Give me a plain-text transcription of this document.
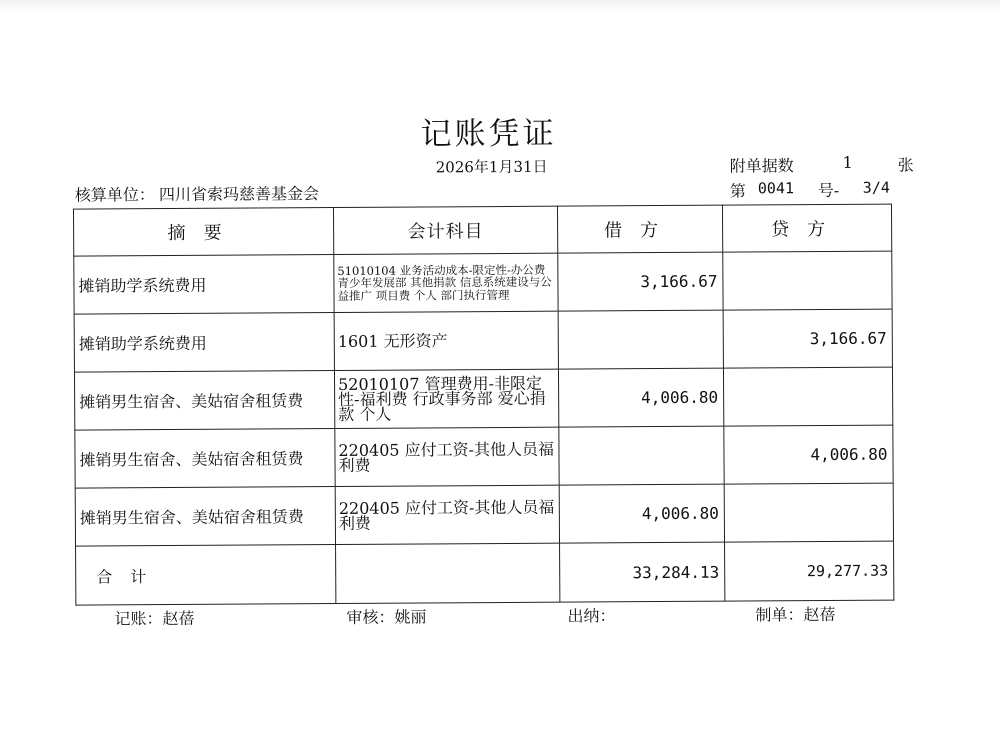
记账凭证
2026年1月31日	附单据数	1	张
核算单位： 四川省索玛慈善基金会	第 0041	号-	3/4
摘要	会计科目	借方	贷方
摊销助学系统费用	51010104 业务活动成本-限定性-办公费 青少年发展部 其他捐款 信息系统建设与公益推广 项目费 个人 部门执行管理	3,166.67	
摊销助学系统费用	1601 无形资产		3,166.67
摊销男生宿舍、美姑宿舍租赁费	52010107 管理费用-非限定性-福利费 行政事务部 爱心捐款 个人	4,006.80	
摊销男生宿舍、美姑宿舍租赁费	220405 应付工资-其他人员福利费		4,006.80
摊销男生宿舍、美姑宿舍租赁费	220405 应付工资-其他人员福利费	4,006.80	
合计		33,284.13	29,277.33
记账：赵蓓	审核：姚丽	出纳：	制单：赵蓓
